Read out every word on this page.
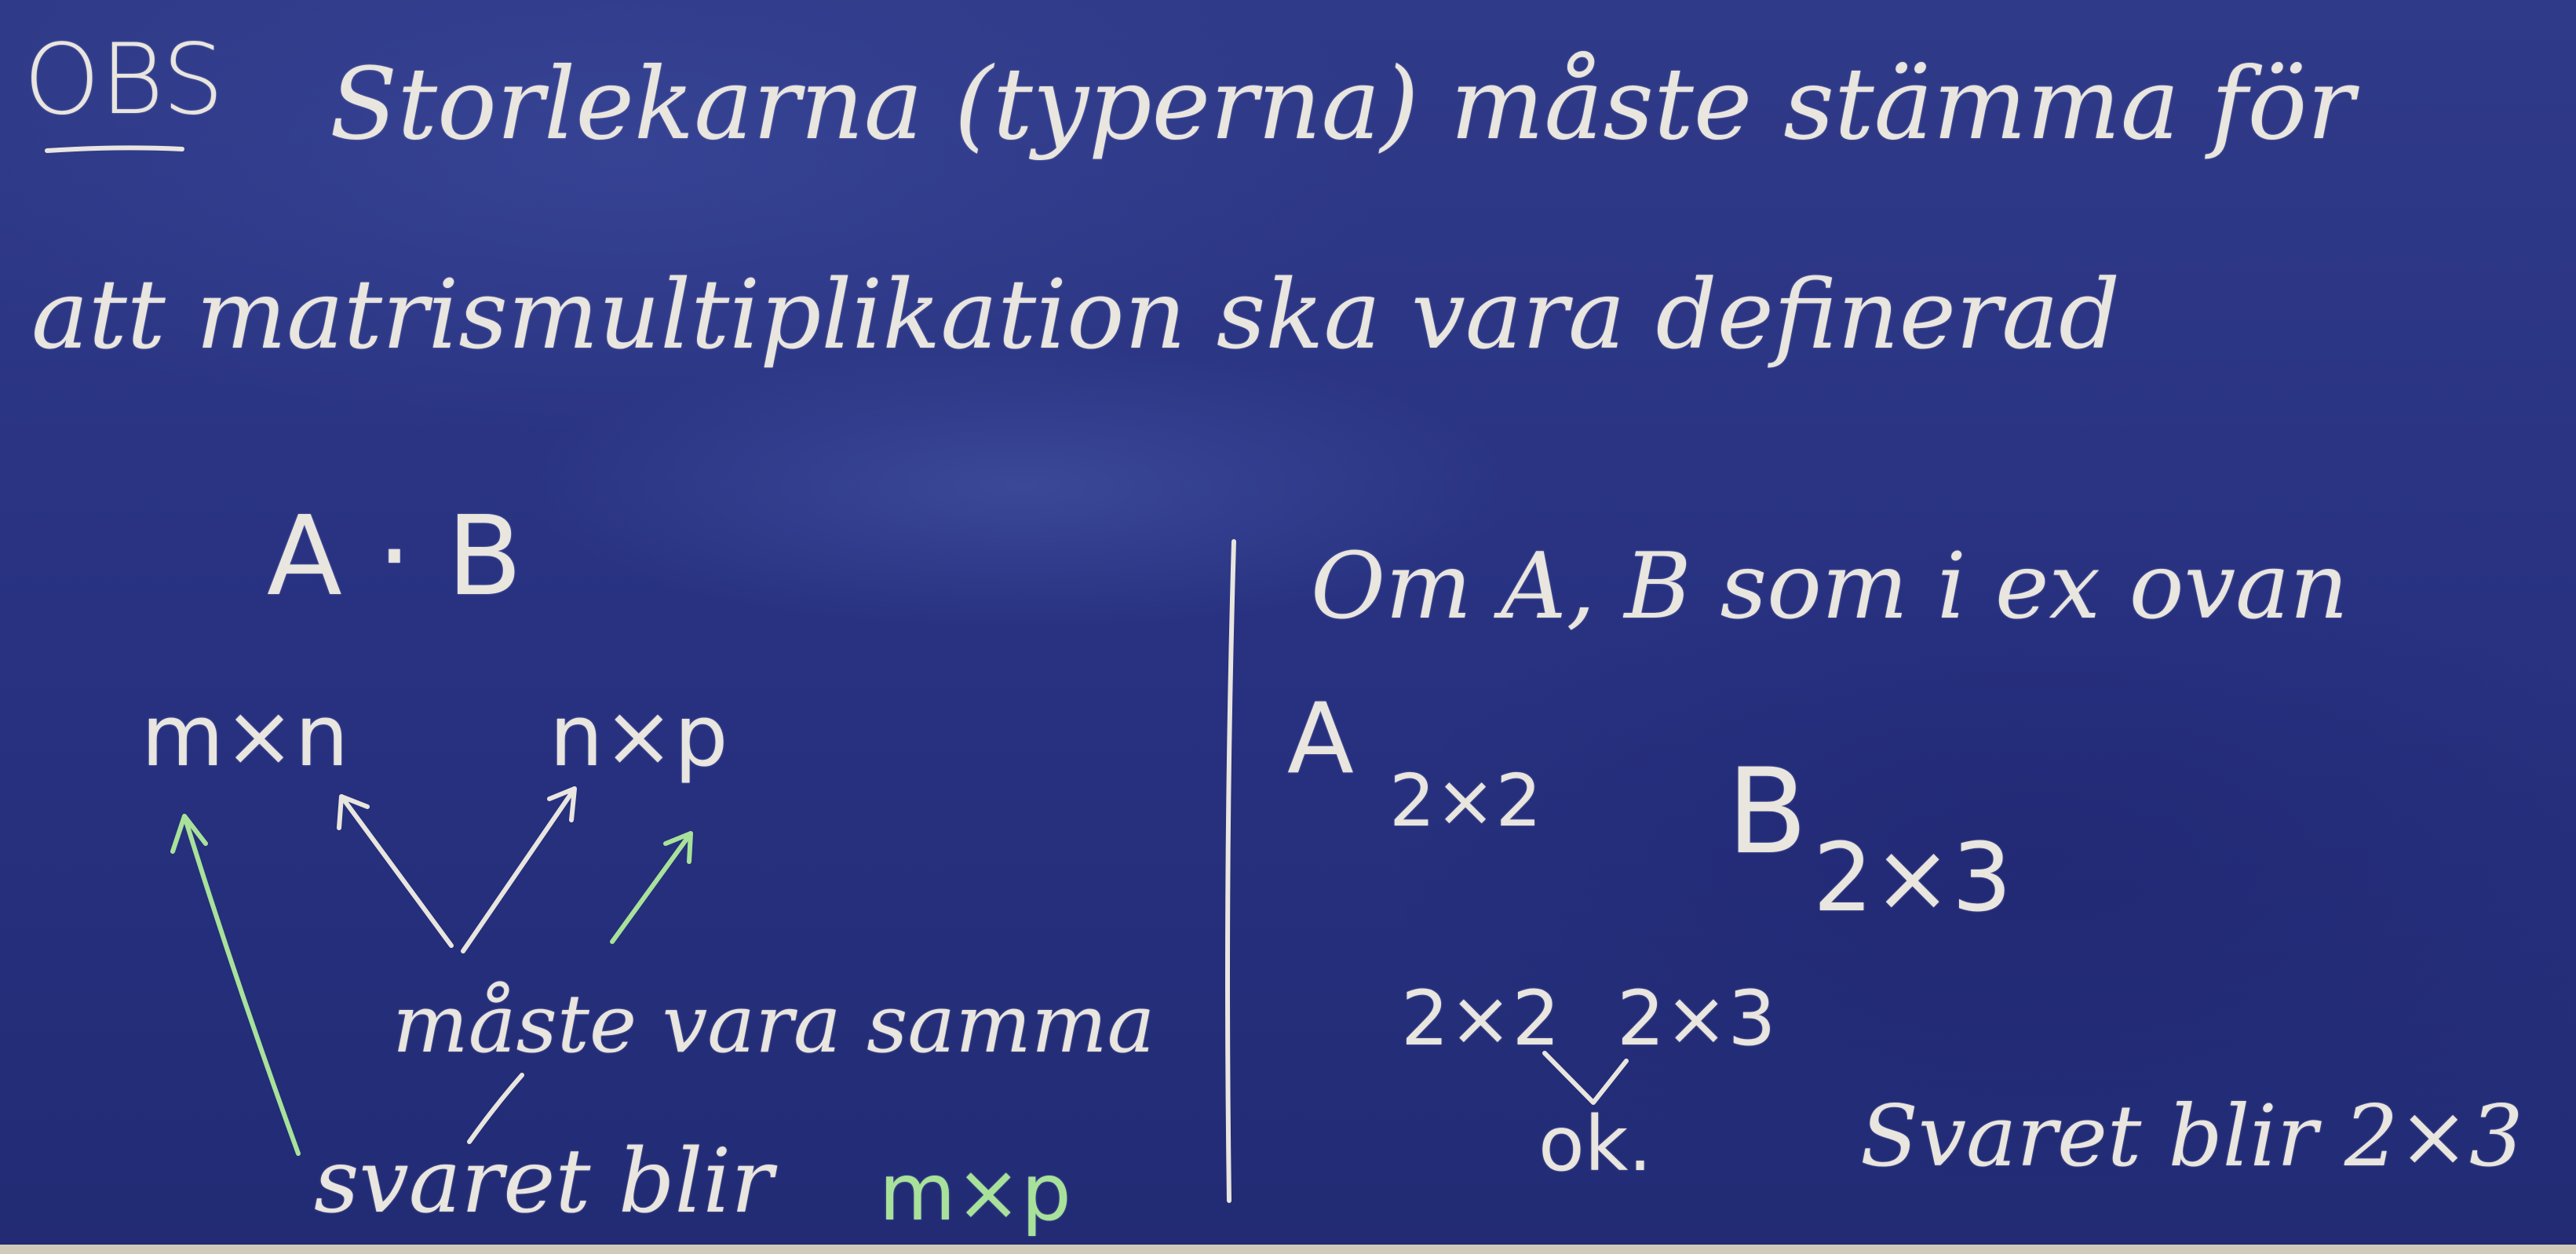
OBS Storlekarna (typerna) måste stämma för
att matrismultiplikation ska vara definerad
A · B
m×n n×p
måste vara samma
svaret blir m×p
Om A, B som i ex ovan
A
2×2 B 2×3
2×2 2×3
ok. Svaret blir 2×3
